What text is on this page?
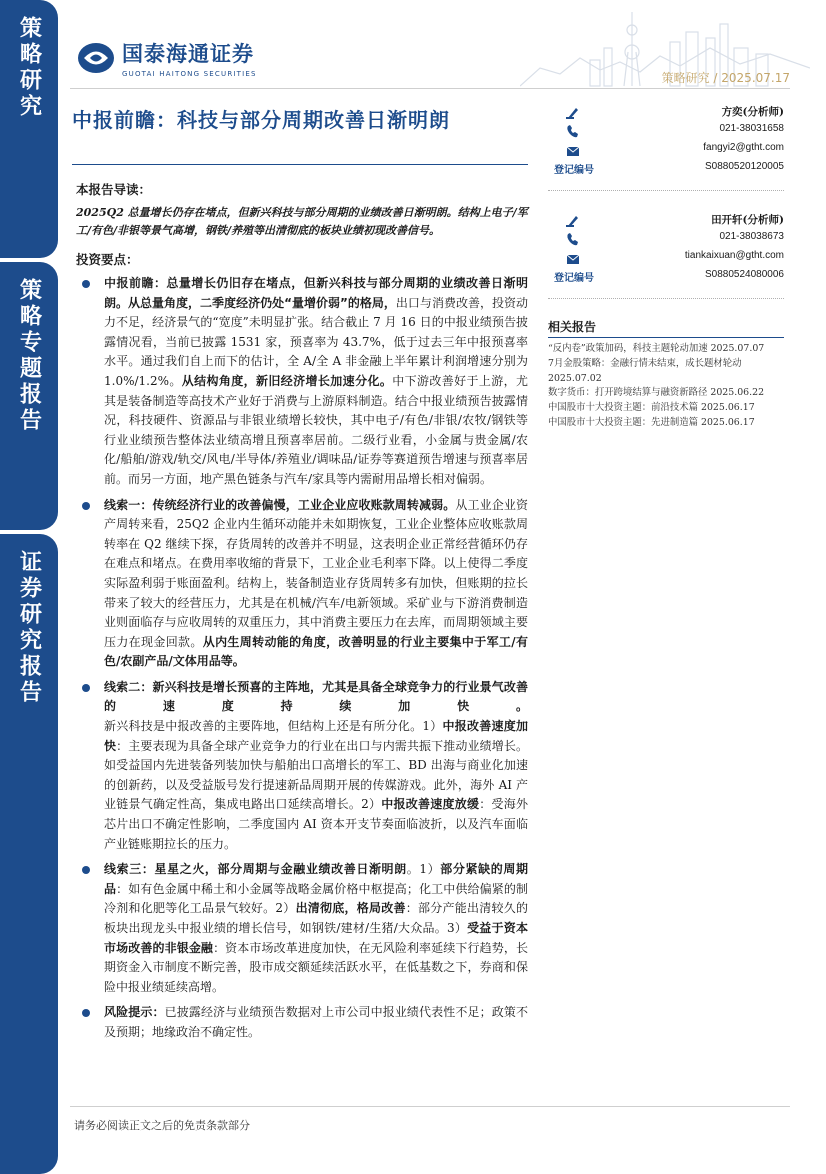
策略研究
策略专题报告
证券研究报告
国泰海通证券
GUOTAI HAITONG SECURITIES	策略研究 / 2025.07.17
中报前瞻：科技与部分周期改善日渐明朗
本报告导读：
2025Q2 总量增长仍存在堵点，但新兴科技与部分周期的业绩改善日渐明朗。结构上电子/军工/有色/非银等景气高增，钢铁/养殖等出清彻底的板块业绩初现改善信号。
投资要点：

中报前瞻：总量增长仍旧存在堵点，但新兴科技与部分周期的业绩改善日渐明朗。从总量角度，二季度经济仍处“量增价弱”的格局，出口与消费改善，投资动力不足，经济景气的“宽度”未明显扩张。结合截止 7 月 16 日的中报业绩预告披露情况看，当前已披露 1531 家，预喜率为 43.7%，低于过去三年中报预喜率水平。通过我们自上而下的估计，全 A/全 A 非金融上半年累计利润增速分别为 1.0%/1.2%。从结构角度，新旧经济增长加速分化。中下游改善好于上游，尤其是装备制造等高技术产业好于消费与上游原料制造。结合中报业绩预告披露情况，科技硬件、资源品与非银业绩增长较快，其中电子/有色/非银/农牧/钢铁等行业业绩预告整体法业绩高增且预喜率居前。二级行业看，小金属与贵金属/农化/船舶/游戏/轨交/风电/半导体/养殖业/调味品/证券等赛道预告增速与预喜率居前。而另一方面，地产黑色链条与汽车/家具等内需耐用品增长相对偏弱。

线索一：传统经济行业的改善偏慢，工业企业应收账款周转减弱。从工业企业资产周转来看，25Q2 企业内生循环动能并未如期恢复，工业企业整体应收账款周转率在 Q2 继续下探，存货周转的改善并不明显，这表明企业正常经营循环仍存在难点和堵点。在费用率收缩的背景下，工业企业毛利率下降。以上使得二季度实际盈利弱于账面盈利。结构上，装备制造业存货周转多有加快，但账期的拉长带来了较大的经营压力，尤其是在机械/汽车/电新领域。采矿业与下游消费制造业则面临存与应收周转的双重压力，其中消费主要压力在去库，而周期领域主要压力在现金回款。从内生周转动能的角度，改善明显的行业主要集中于军工/有色/农副产品/文体用品等。

线索二：新兴科技是增长预喜的主阵地，尤其是具备全球竞争力的行业景气改善的速度持续加快。新兴科技是中报改善的主要阵地，但结构上还是有所分化。1）中报改善速度加快：主要表现为具备全球产业竞争力的行业在出口与内需共振下推动业绩增长。如受益国内先进装备列装加快与船舶出口高增长的军工、BD 出海与商业化加速的创新药，以及受益版号发行提速新品周期开展的传媒游戏。此外，海外 AI 产业链景气确定性高，集成电路出口延续高增长。2）中报改善速度放缓：受海外芯片出口不确定性影响，二季度国内 AI 资本开支节奏面临波折，以及汽车面临产业链账期拉长的压力。

线索三：星星之火，部分周期与金融业绩改善日渐明朗。1）部分紧缺的周期品：如有色金属中稀土和小金属等战略金属价格中枢提高；化工中供给偏紧的制冷剂和化肥等化工品景气较好。2）出清彻底，格局改善：部分产能出清较久的板块出现龙头中报业绩的增长信号，如钢铁/建材/生猪/大众品。3）受益于资本市场改善的非银金融：资本市场改革进度加快，在无风险利率延续下行趋势，长期资金入市制度不断完善，股市成交额延续活跃水平，在低基数之下，券商和保险中报业绩延续高增。

风险提示：已披露经济与业绩预告数据对上市公司中报业绩代表性不足；政策不及预期；地缘政治不确定性。

方奕(分析师)
021-38031658
fangyi2@gtht.com
登记编号	S0880520120005
田开轩(分析师)
021-38038673
tiankaixuan@gtht.com
登记编号	S0880524080006
相关报告
“反内卷”政策加码，科技主题轮动加速 2025.07.07
7月金股策略：金融行情未结束，成长题材轮动 2025.07.02
数字货币：打开跨境结算与融资新路径 2025.06.22
中国股市十大投资主题：前沿技术篇 2025.06.17
中国股市十大投资主题：先进制造篇 2025.06.17
请务必阅读正文之后的免责条款部分
